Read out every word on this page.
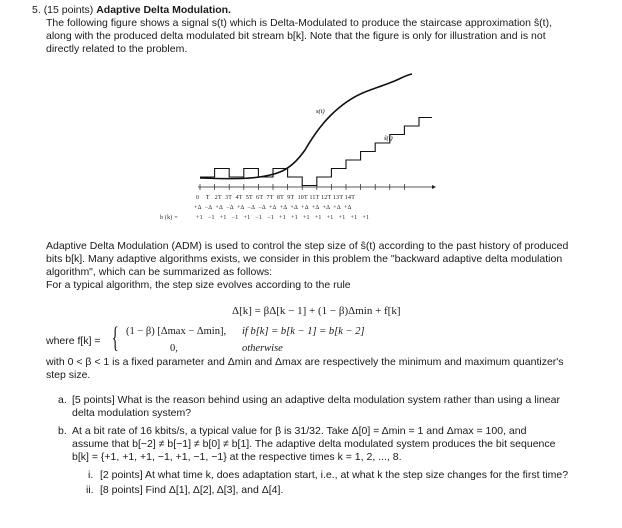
5. (15 points) Adaptive Delta Modulation.
The following figure shows a signal s(t) which is Delta-Modulated to produce the staircase approximation ŝ(t),
along with the produced delta modulated bit stream b[k]. Note that the figure is only for illustration and is not
directly related to the problem.
s(t)
ŝ(t)
0    T   2T  3T  4T  5T  6T  7T  8T  9T  10T 11T 12T 13T 14T
+Δ  −Δ  +Δ  −Δ  +Δ  −Δ  −Δ  +Δ  +Δ  +Δ  +Δ  +Δ  +Δ  +Δ  +Δ
b (k) =	+1   −1   +1   −1   +1   −1   −1   +1   +1   +1   +1   +1   +1   +1   +1
Adaptive Delta Modulation (ADM) is used to control the step size of ŝ(t) according to the past history of produced
bits b[k]. Many adaptive algorithms exists, we consider in this problem the "backward adaptive delta modulation
algorithm", which can be summarized as follows:
For a typical algorithm, the step size evolves according to the rule
Δ[k] = βΔ[k − 1] + (1 − β)Δmin + f[k]
where f[k] = { (1 − β) [Δmax − Δmin], if b[k] = b[k − 1] = b[k − 2]
0,	otherwise
with 0 < β < 1 is a fixed parameter and Δmin and Δmax are respectively the minimum and maximum quantizer's
step size.
a. [5 points] What is the reason behind using an adaptive delta modulation system rather than using a linear
delta modulation system?
b. At a bit rate of 16 kbits/s, a typical value for β is 31/32. Take Δ[0] = Δmin = 1 and Δmax = 100, and
assume that b[−2] ≠ b[−1] ≠ b[0] ≠ b[1]. The adaptive delta modulated system produces the bit sequence
b[k] = {+1, +1, +1, −1, +1, −1, −1} at the respective times k = 1, 2, ..., 8.
i. [2 points] At what time k, does adaptation start, i.e., at what k the step size changes for the first time?
ii. [8 points] Find Δ[1], Δ[2], Δ[3], and Δ[4].
